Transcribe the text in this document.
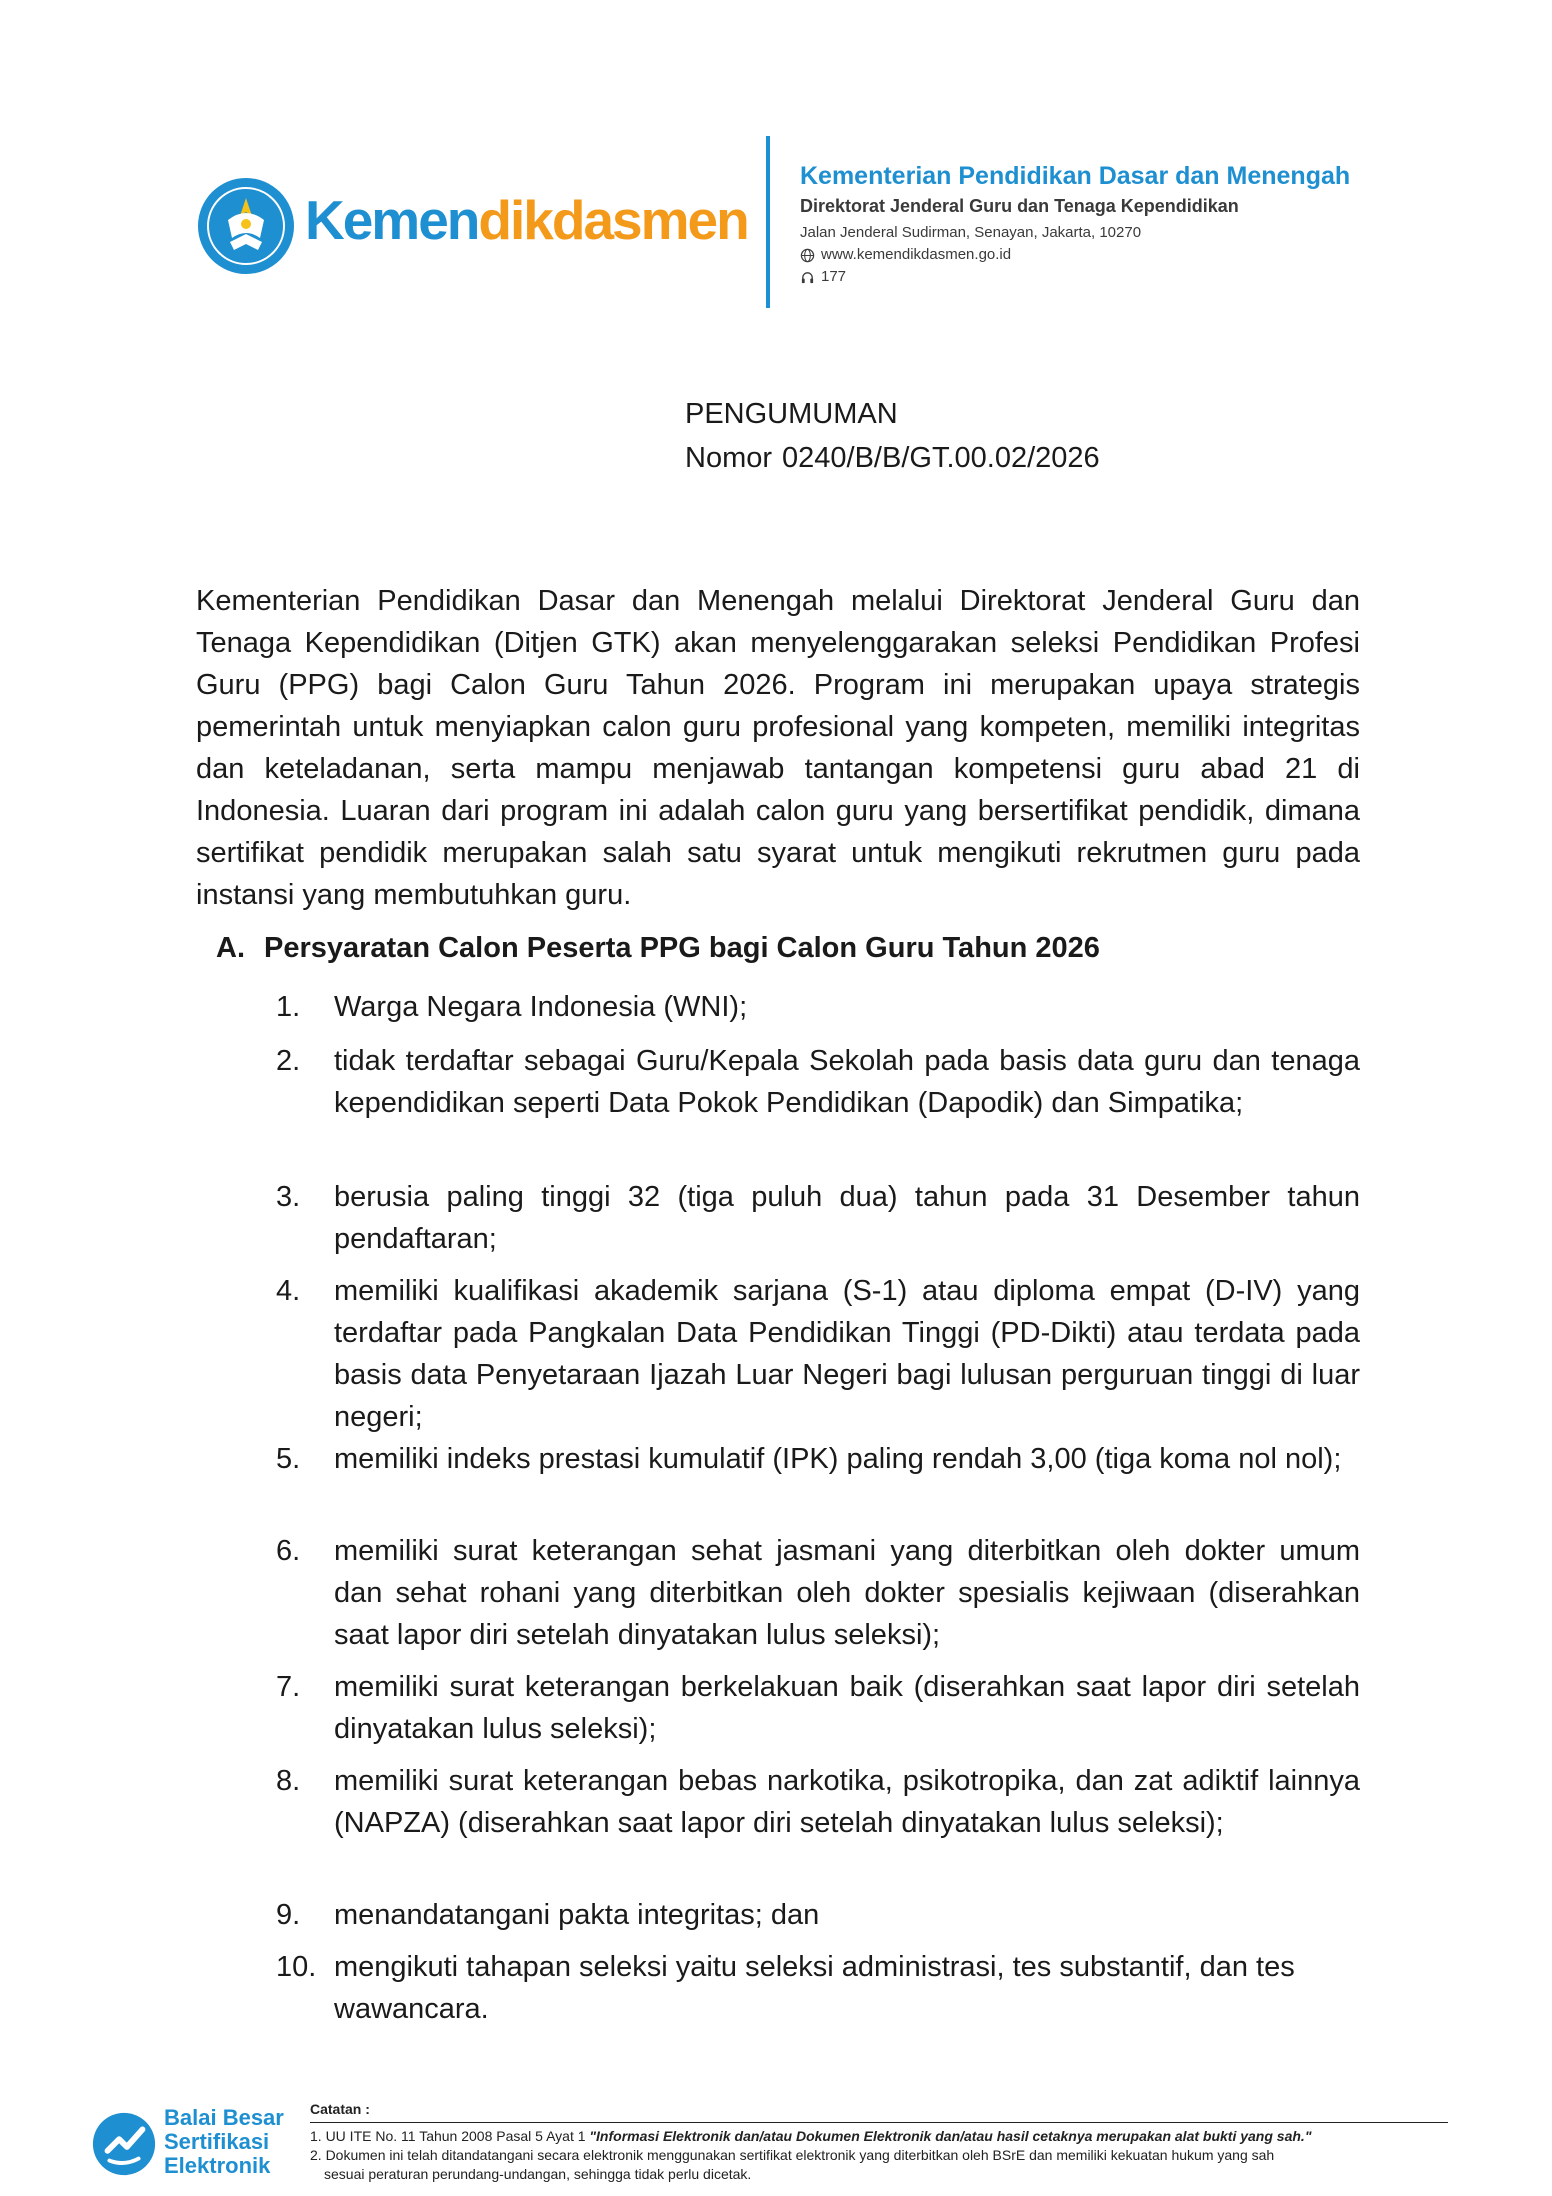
Kemendikdasmen
Kementerian Pendidikan Dasar dan Menengah
Direktorat Jenderal Guru dan Tenaga Kependidikan
Jalan Jenderal Sudirman, Senayan, Jakarta, 10270
www.kemendikdasmen.go.id
177
PENGUMUMAN
Nomor 0240/B/B/GT.00.02/2026

Kementerian Pendidikan Dasar dan Menengah melalui Direktorat Jenderal Guru dan Tenaga Kependidikan (Ditjen GTK) akan menyelenggarakan seleksi Pendidikan Profesi Guru (PPG) bagi Calon Guru Tahun 2026. Program ini merupakan upaya strategis pemerintah untuk menyiapkan calon guru profesional yang kompeten, memiliki integritas dan keteladanan, serta mampu menjawab tantangan kompetensi guru abad 21 di Indonesia. Luaran dari program ini adalah calon guru yang bersertifikat pendidik, dimana sertifikat pendidik merupakan salah satu syarat untuk mengikuti rekrutmen guru pada instansi yang membutuhkan guru.

A. Persyaratan Calon Peserta PPG bagi Calon Guru Tahun 2026
1.	Warga Negara Indonesia (WNI);
2.	tidak terdaftar sebagai Guru/Kepala Sekolah pada basis data guru dan tenaga kependidikan seperti Data Pokok Pendidikan (Dapodik) dan Simpatika;
3.	berusia paling tinggi 32 (tiga puluh dua) tahun pada 31 Desember tahun pendaftaran;
4.	memiliki kualifikasi akademik sarjana (S-1) atau diploma empat (D-IV) yang terdaftar pada Pangkalan Data Pendidikan Tinggi (PD-Dikti) atau terdata pada basis data Penyetaraan Ijazah Luar Negeri bagi lulusan perguruan tinggi di luar negeri;
5.	memiliki indeks prestasi kumulatif (IPK) paling rendah 3,00 (tiga koma nol nol);
6.	memiliki surat keterangan sehat jasmani yang diterbitkan oleh dokter umum dan sehat rohani yang diterbitkan oleh dokter spesialis kejiwaan (diserahkan saat lapor diri setelah dinyatakan lulus seleksi);
7.	memiliki surat keterangan berkelakuan baik (diserahkan saat lapor diri setelah dinyatakan lulus seleksi);
8.	memiliki surat keterangan bebas narkotika, psikotropika, dan zat adiktif lainnya (NAPZA) (diserahkan saat lapor diri setelah dinyatakan lulus seleksi);
9.	menandatangani pakta integritas; dan
10. mengikuti tahapan seleksi yaitu seleksi administrasi, tes substantif, dan tes wawancara.
Balai Besar
Sertifikasi
Elektronik
Catatan :
1. UU ITE No. 11 Tahun 2008 Pasal 5 Ayat 1 "Informasi Elektronik dan/atau Dokumen Elektronik dan/atau hasil cetaknya merupakan alat bukti yang sah."
2. Dokumen ini telah ditandatangani secara elektronik menggunakan sertifikat elektronik yang diterbitkan oleh BSrE dan memiliki kekuatan hukum yang sah
sesuai peraturan perundang-undangan, sehingga tidak perlu dicetak.
